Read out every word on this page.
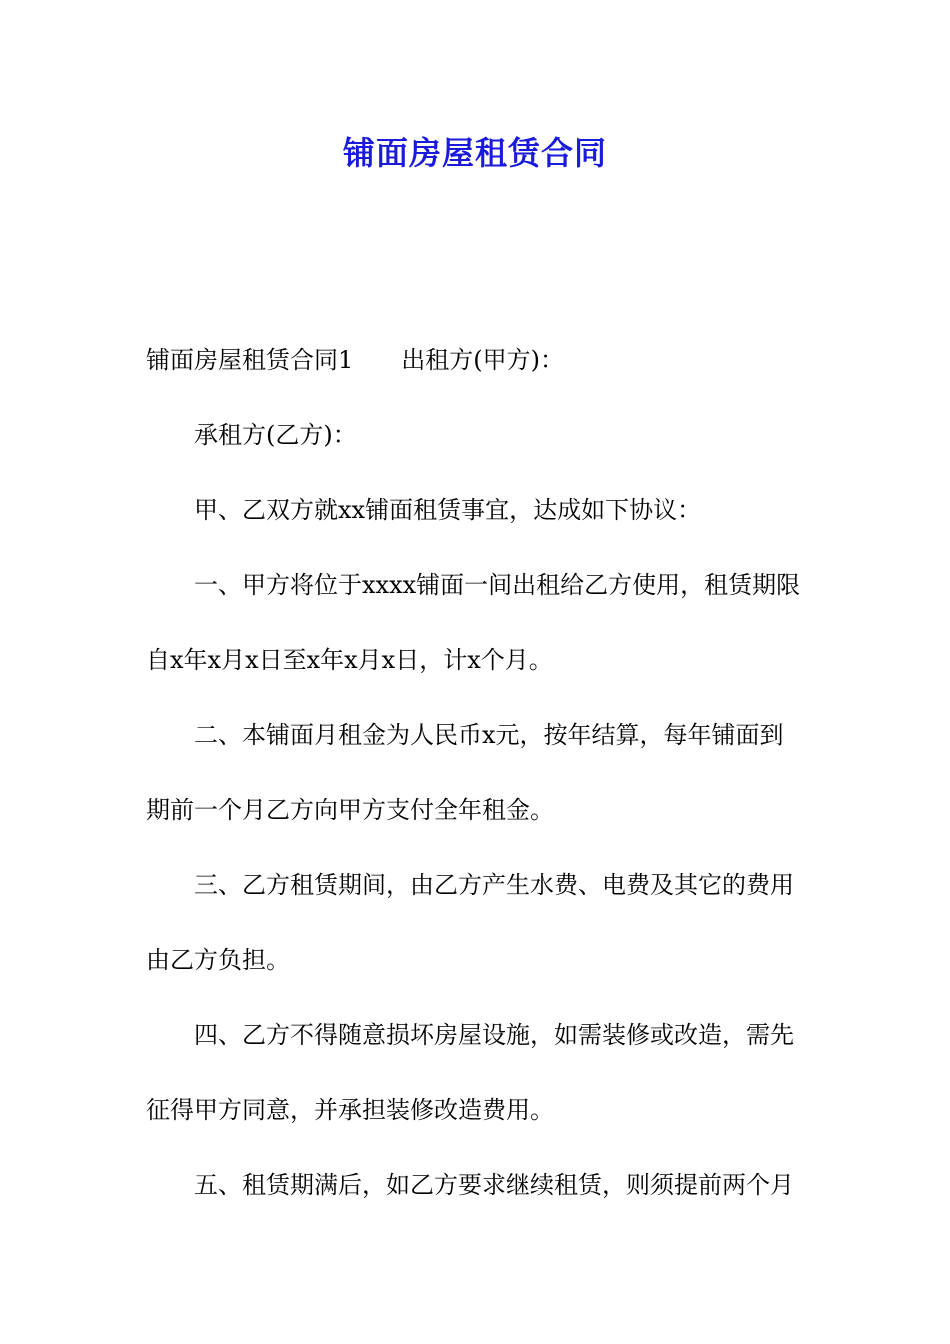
铺面房屋租赁合同

铺面房屋租赁合同1 出租方(甲方)：

承租方(乙方)：

甲、乙双方就xx铺面租赁事宜，达成如下协议：

一、甲方将位于xxxx铺面一间出租给乙方使用，租赁期限

自x年x月x日至x年x月x日，计x个月。

二、本铺面月租金为人民币x元，按年结算，每年铺面到

期前一个月乙方向甲方支付全年租金。

三、乙方租赁期间，由乙方产生水费、电费及其它的费用

由乙方负担。

四、乙方不得随意损坏房屋设施，如需装修或改造，需先

征得甲方同意，并承担装修改造费用。

五、租赁期满后，如乙方要求继续租赁，则须提前两个月
